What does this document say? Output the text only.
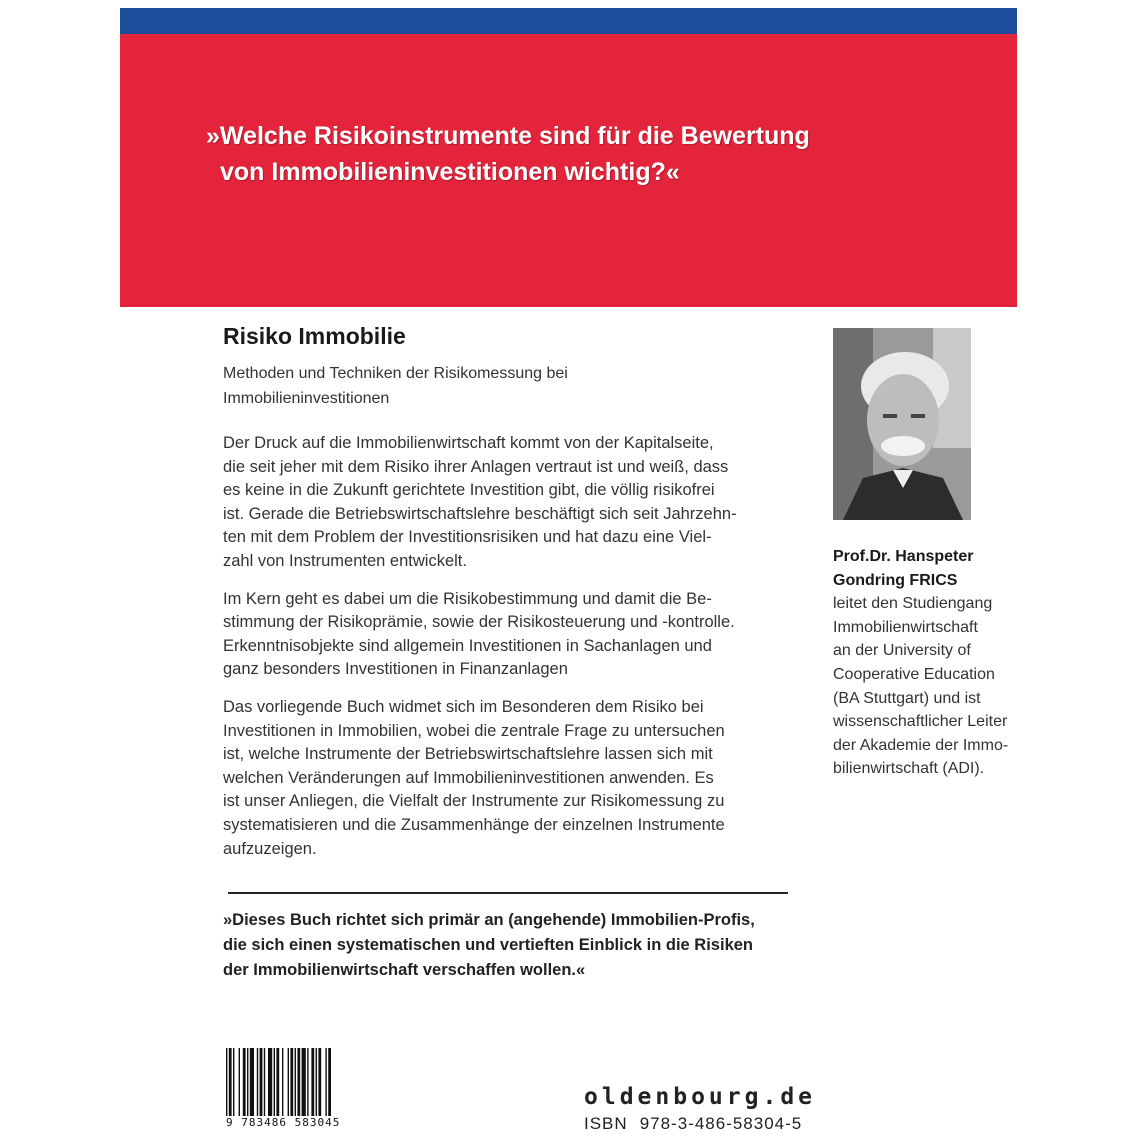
»Welche Risikoinstrumente sind für die Bewertung
von Immobilieninvestitionen wichtig?«
Risiko Immobilie
Methoden und Techniken der Risikomessung bei
Immobilieninvestitionen
Der Druck auf die Immobilienwirtschaft kommt von der Kapitalseite,
die seit jeher mit dem Risiko ihrer Anlagen vertraut ist und weiß, dass
es keine in die Zukunft gerichtete Investition gibt, die völlig risikofrei
ist. Gerade die Betriebswirtschaftslehre beschäftigt sich seit Jahrzehn-
ten mit dem Problem der Investitionsrisiken und hat dazu eine Viel-
zahl von Instrumenten entwickelt.
Im Kern geht es dabei um die Risikobestimmung und damit die Be-
stimmung der Risikoprämie, sowie der Risikosteuerung und -kontrolle.
Erkenntnisobjekte sind allgemein Investitionen in Sachanlagen und
ganz besonders Investitionen in Finanzanlagen
Das vorliegende Buch widmet sich im Besonderen dem Risiko bei
Investitionen in Immobilien, wobei die zentrale Frage zu untersuchen
ist, welche Instrumente der Betriebswirtschaftslehre lassen sich mit
welchen Veränderungen auf Immobilieninvestitionen anwenden. Es
ist unser Anliegen, die Vielfalt der Instrumente zur Risikomessung zu
systematisieren und die Zusammenhänge der einzelnen Instrumente
aufzuzeigen.
»Dieses Buch richtet sich primär an (angehende) Immobilien-Profis,
die sich einen systematischen und vertieften Einblick in die Risiken
der Immobilienwirtschaft verschaffen wollen.«
Prof.Dr. Hanspeter
Gondring FRICS
leitet den Studiengang
Immobilienwirtschaft
an der University of
Cooperative Education
(BA Stuttgart) und ist
wissenschaftlicher Leiter
der Akademie der Immo-
bilienwirtschaft (ADI).
9 783486 583045
oldenbourg.de
ISBN 978-3-486-58304-5
